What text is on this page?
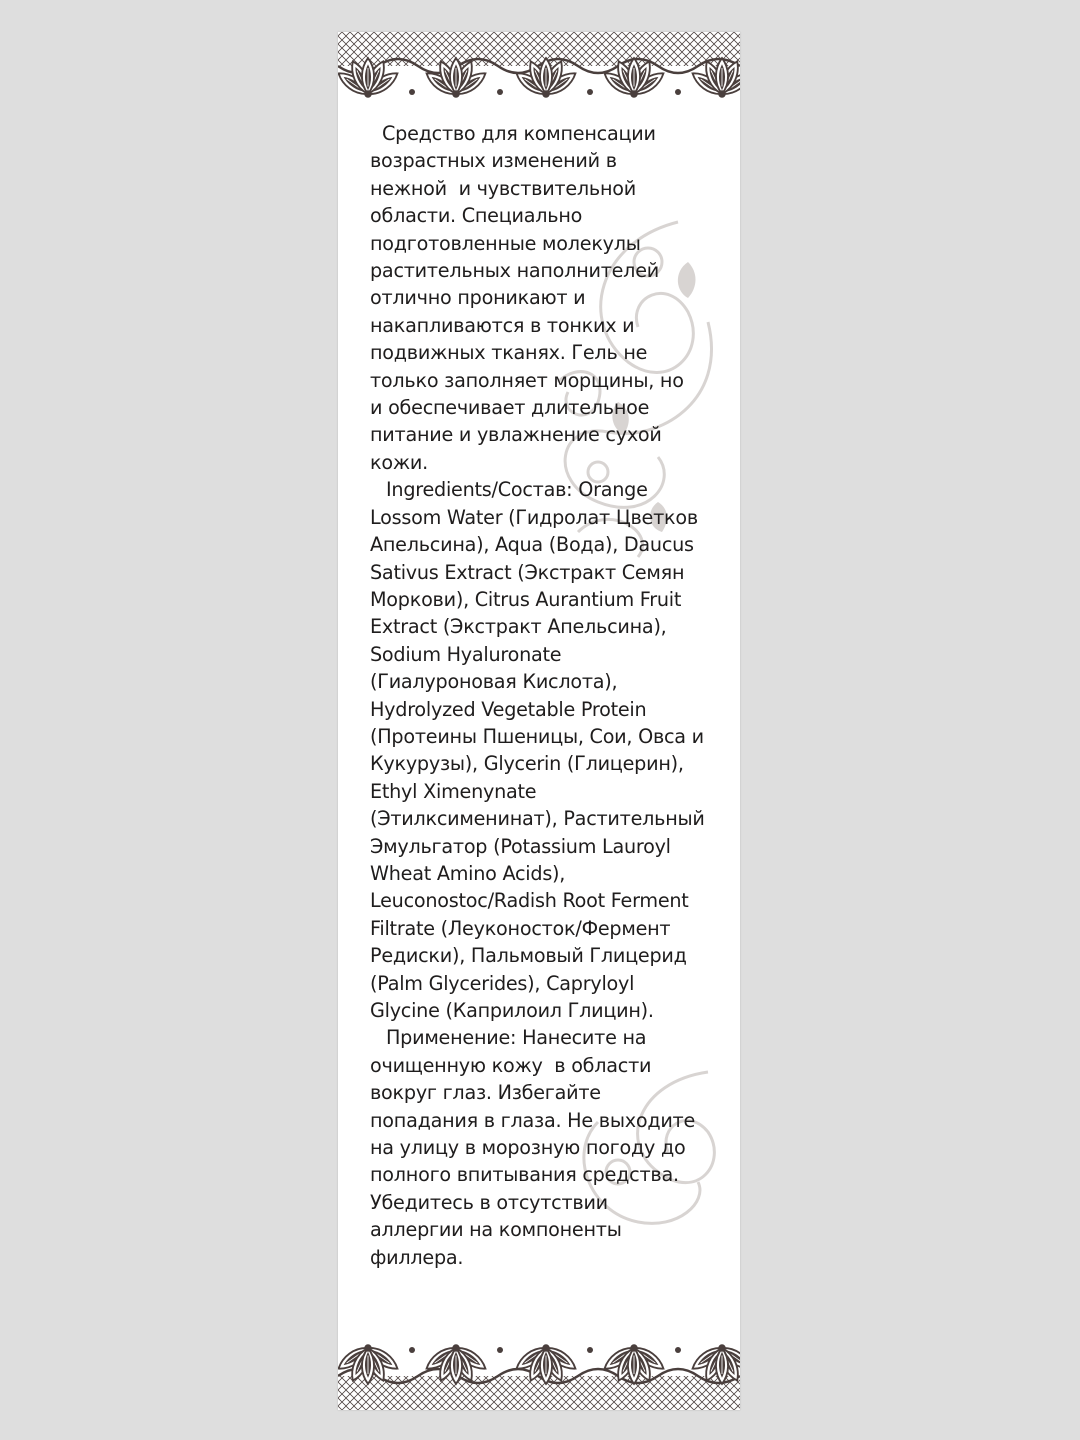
Средство для компенсации
возрастных изменений в
нежной  и чувствительной
области. Специально
подготовленные молекулы
растительных наполнителей
отлично проникают и
накапливаются в тонких и
подвижных тканях. Гель не
только заполняет морщины, но
и обеспечивает длительное
питание и увлажнение сухой
кожи.
Ingredients/Состав: Orange
Lossom Water (Гидролат Цветков
Апельсина), Aqua (Вода), Daucus
Sativus Extract (Экстракт Семян
Моркови), Citrus Aurantium Fruit
Extract (Экстракт Апельсина),
Sodium Hyaluronate
(Гиалуроновая Кислота),
Hydrolyzed Vegetable Protein
(Протеины Пшеницы, Сои, Овса и
Кукурузы), Glycerin (Глицерин),
Ethyl Ximenynate
(Этилксименинат), Растительный
Эмульгатор (Potassium Lauroyl
Wheat Amino Acids),
Leuconostoc/Radish Root Ferment
Filtrate (Леуконосток/Фермент
Редиски), Пальмовый Глицерид
(Palm Glycerides), Capryloyl
Glycine (Каприлоил Глицин).
Применение: Нанесите на
очищенную кожу  в области
вокруг глаз. Избегайте
попадания в глаза. Не выходите
на улицу в морозную погоду до
полного впитывания средства.
Убедитесь в отсутствии
аллергии на компоненты
филлера.
